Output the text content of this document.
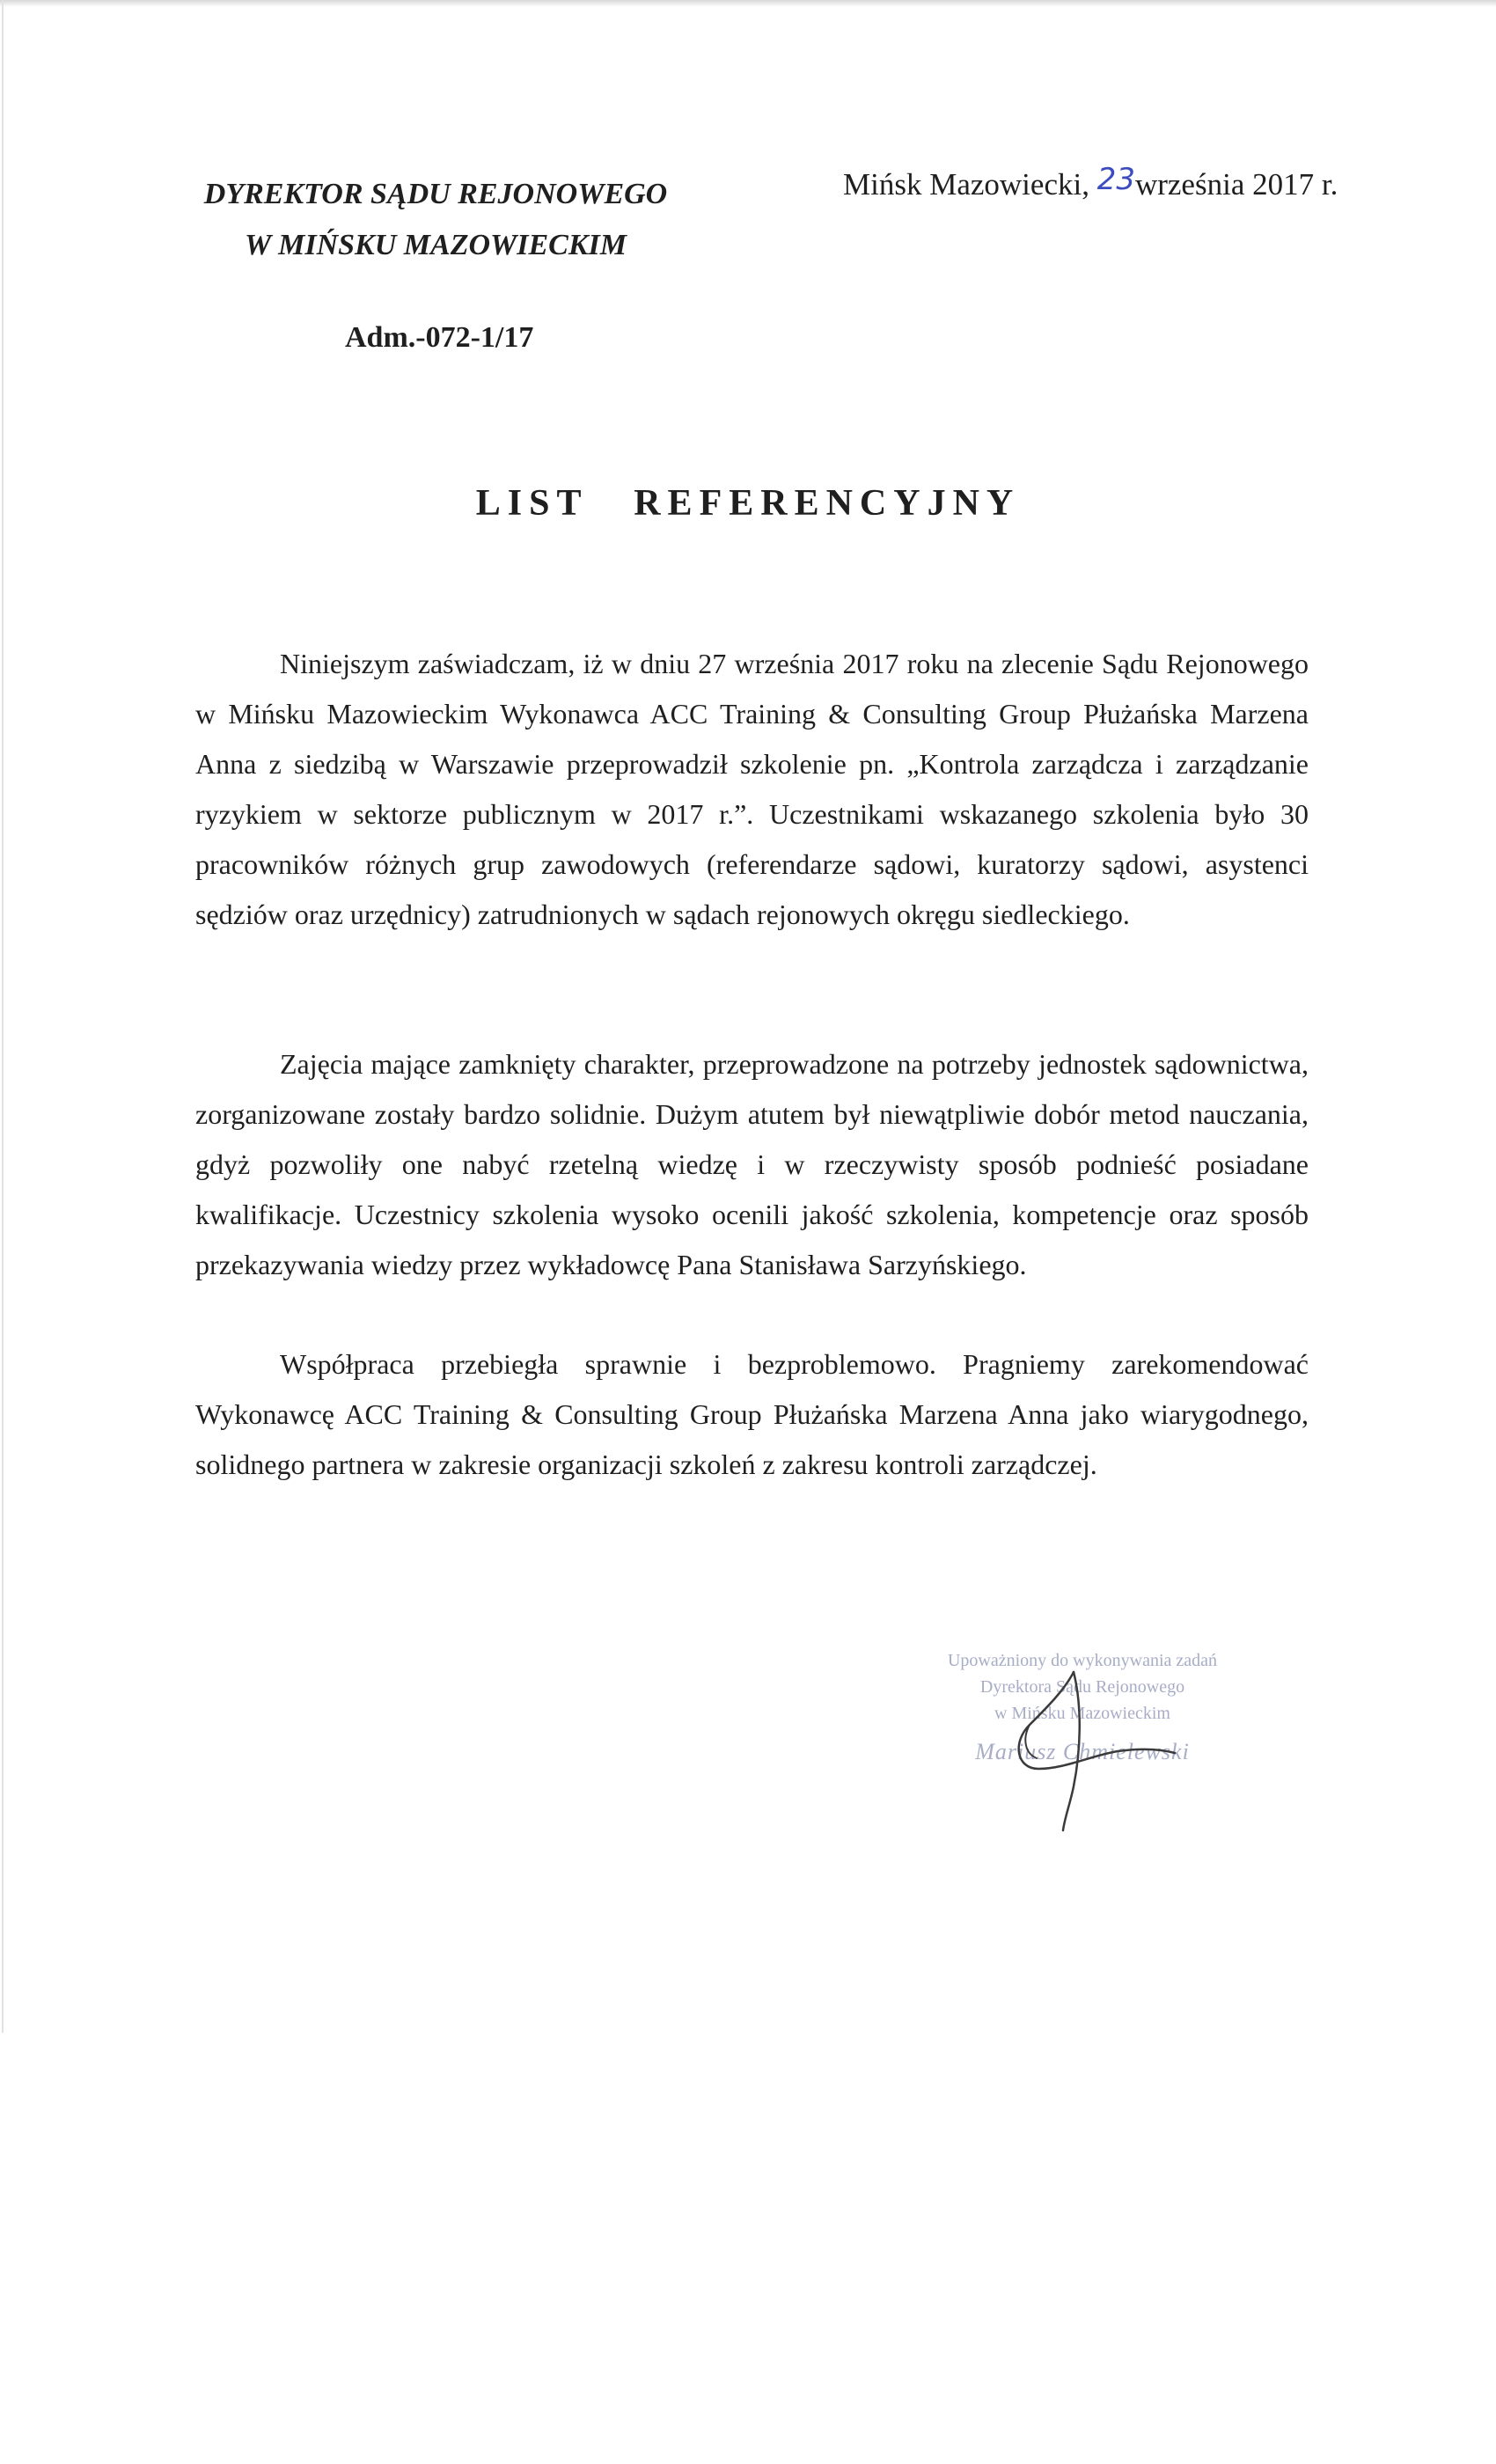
DYREKTOR SĄDU REJONOWEGO
W MIŃSKU MAZOWIECKIM
Mińsk Mazowiecki, 23września 2017 r.
Adm.-072-1/17
LIST REFERENCYJNY

Niniejszym zaświadczam, iż w dniu 27 września 2017 roku na zlecenie Sądu Rejonowego w Mińsku Mazowieckim Wykonawca ACC Training & Consulting Group Płużańska Marzena Anna z siedzibą w Warszawie przeprowadził szkolenie pn. „Kontrola zarządcza i zarządzanie ryzykiem w sektorze publicznym w 2017 r.”. Uczestnikami wskazanego szkolenia było 30 pracowników różnych grup zawodowych (referendarze sądowi, kuratorzy sądowi, asystenci sędziów oraz urzędnicy) zatrudnionych w sądach rejonowych okręgu siedleckiego.

Zajęcia mające zamknięty charakter, przeprowadzone na potrzeby jednostek sądownictwa, zorganizowane zostały bardzo solidnie. Dużym atutem był niewątpliwie dobór metod nauczania, gdyż pozwoliły one nabyć rzetelną wiedzę i w rzeczywisty sposób podnieść posiadane kwalifikacje. Uczestnicy szkolenia wysoko ocenili jakość szkolenia, kompetencje oraz sposób przekazywania wiedzy przez wykładowcę Pana Stanisława Sarzyńskiego.

Współpraca przebiegła sprawnie i bezproblemowo. Pragniemy zarekomendować Wykonawcę ACC Training & Consulting Group Płużańska Marzena Anna jako wiarygodnego, solidnego partnera w zakresie organizacji szkoleń z zakresu kontroli zarządczej.

Upoważniony do wykonywania zadań
Dyrektora Sądu Rejonowego
w Mińsku Mazowieckim
Mariusz Chmielewski
